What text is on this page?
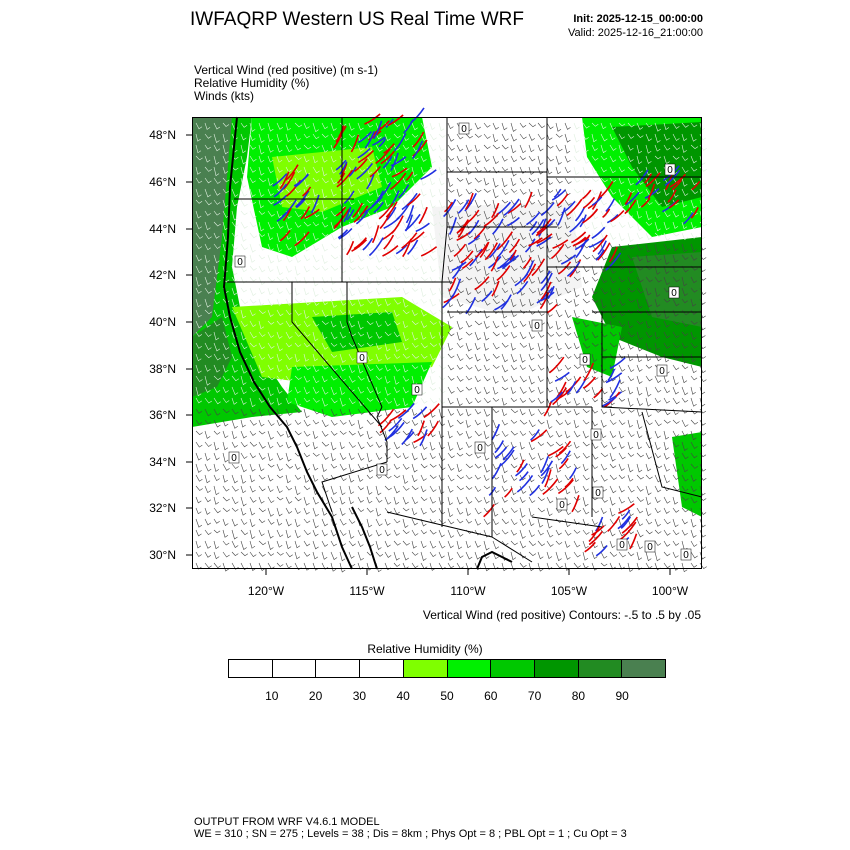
IWFAQRP Western US Real Time WRF	Init: 2025-12-15_00:00:00
Valid: 2025-12-16_21:00:00
Vertical Wind (red positive) (m s-1)
Relative Humidity (%)
Winds (kts)
48°N
46°N
44°N
42°N
40°N
38°N
36°N
34°N
32°N
30°N
120°W	115°W	110°W	105°W	100°W
0
0
0
0
0
0
0
0
0
0
0
0
0
0
0
0
0
0
Vertical Wind (red positive) Contours: -.5 to .5 by .05
Relative Humidity (%)
10	20	30	40	50	60	70	80	90
OUTPUT FROM WRF V4.6.1 MODEL
WE = 310 ; SN = 275 ; Levels = 38 ; Dis = 8km ; Phys Opt = 8 ; PBL Opt = 1 ; Cu Opt = 3
